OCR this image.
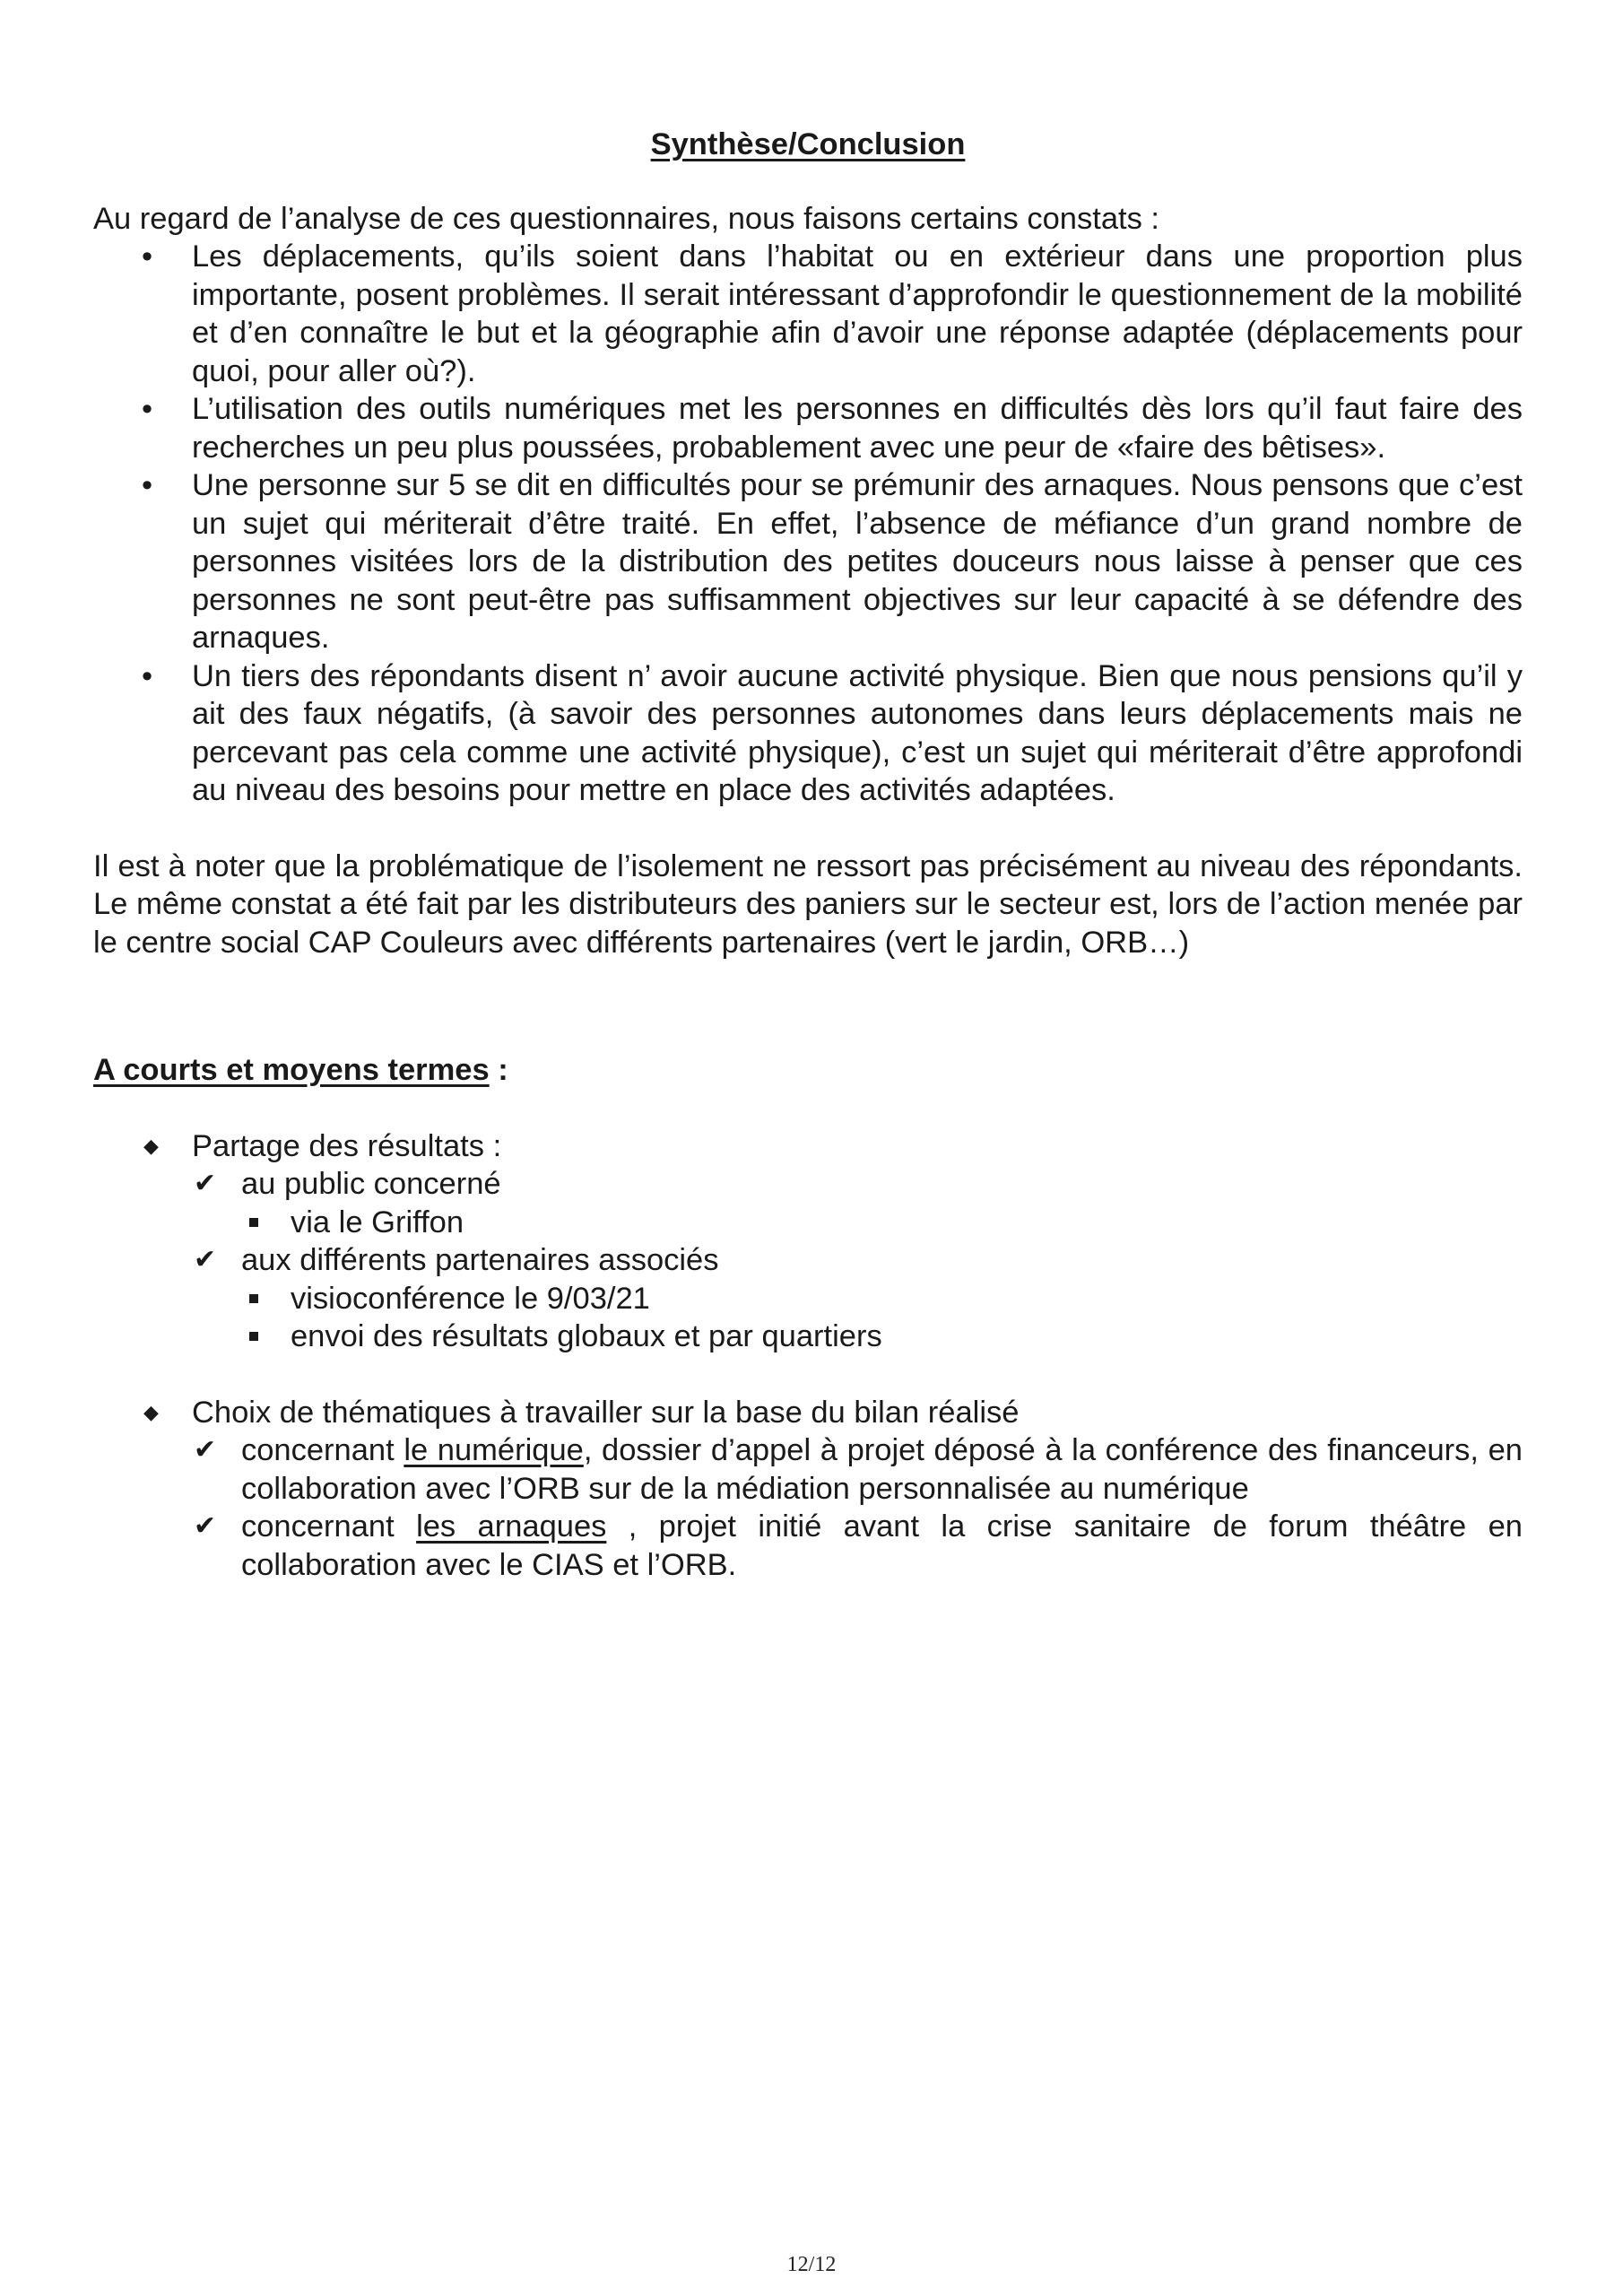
Synthèse/Conclusion

Au regard de l’analyse de ces questionnaires, nous faisons certains constats :

• Les déplacements, qu’ils soient dans l’habitat ou en extérieur dans une proportion plus importante, posent problèmes. Il serait intéressant d’approfondir le questionnement de la mobilité et d’en connaître le but et la géographie afin d’avoir une réponse adaptée (déplacements pour quoi, pour aller où?).
• L’utilisation des outils numériques met les personnes en difficultés dès lors qu’il faut faire des recherches un peu plus poussées, probablement avec une peur de «faire des bêtises».
• Une personne sur 5 se dit en difficultés pour se prémunir des arnaques. Nous pensons que c’est un sujet qui mériterait d’être traité. En effet, l’absence de méfiance d’un grand nombre de personnes visitées lors de la distribution des petites douceurs nous laisse à penser que ces personnes ne sont peut-être pas suffisamment objectives sur leur capacité à se défendre des arnaques.
• Un tiers des répondants disent n’ avoir aucune activité physique. Bien que nous pensions qu’il y ait des faux négatifs, (à savoir des personnes autonomes dans leurs déplacements mais ne percevant pas cela comme une activité physique), c’est un sujet qui mériterait d’être approfondi au niveau des besoins pour mettre en place des activités adaptées.

Il est à noter que la problématique de l’isolement ne ressort pas précisément au niveau des répondants. Le même constat a été fait par les distributeurs des paniers sur le secteur est, lors de l’action menée par le centre social CAP Couleurs avec différents partenaires (vert le jardin, ORB…)

A courts et moyens termes :

◆ Partage des résultats :
✔ au public concerné
via le Griffon
✔ aux différents partenaires associés
visioconférence le 9/03/21
envoi des résultats globaux et par quartiers
◆ Choix de thématiques à travailler sur la base du bilan réalisé
✔ concernant le numérique, dossier d’appel à projet déposé à la conférence des financeurs, en collaboration avec l’ORB sur de la médiation personnalisée au numérique
✔ concernant les arnaques , projet initié avant la crise sanitaire de forum théâtre en collaboration avec le CIAS et l’ORB.
12/12
